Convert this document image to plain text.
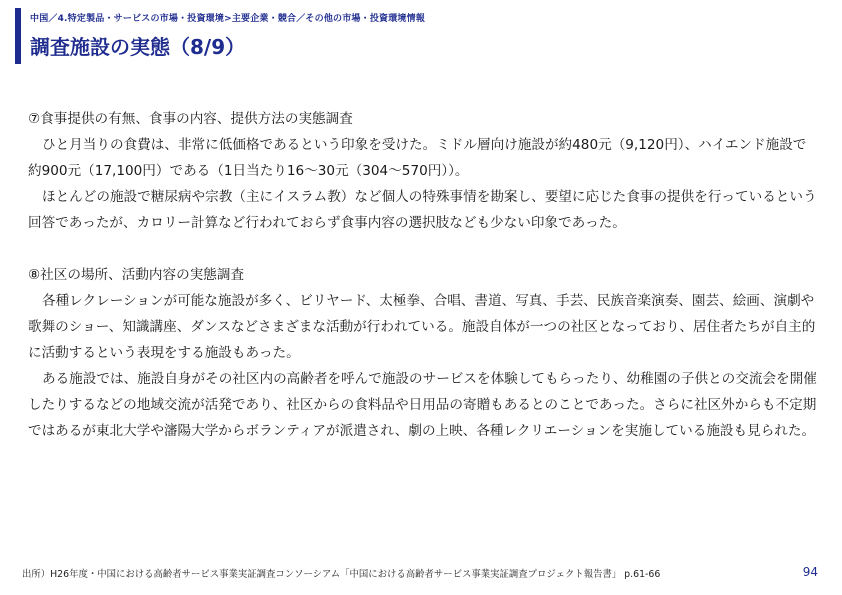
中国／4.特定製品・サービスの市場・投資環境>主要企業・競合／その他の市場・投資環境情報
調査施設の実態（8/9）

⑦食事提供の有無、食事の内容、提供方法の実態調査

ひと月当りの食費は、非常に低価格であるという印象を受けた。ミドル層向け施設が約480元（9,120円）、ハイエンド施設で約900元（17,100円）である（1日当たり16～30元（304～570円））。

ほとんどの施設で糖尿病や宗教（主にイスラム教）など個人の特殊事情を勘案し、要望に応じた食事の提供を行っているという回答であったが、カロリー計算など行われておらず食事内容の選択肢なども少ない印象であった。

⑧社区の場所、活動内容の実態調査

各種レクレーションが可能な施設が多く、ビリヤード、太極拳、合唱、書道、写真、手芸、民族音楽演奏、園芸、絵画、演劇や歌舞のショー、知識講座、ダンスなどさまざまな活動が行われている。施設自体が一つの社区となっており、居住者たちが自主的に活動するという表現をする施設もあった。

ある施設では、施設自身がその社区内の高齢者を呼んで施設のサービスを体験してもらったり、幼稚園の子供との交流会を開催したりするなどの地域交流が活発であり、社区からの食料品や日用品の寄贈もあるとのことであった。さらに社区外からも不定期ではあるが東北大学や瀋陽大学からボランティアが派遣され、劇の上映、各種レクリエーションを実施している施設も見られた。

出所）H26年度・中国における高齢者サービス事業実証調査コンソーシアム「中国における高齢者サービス事業実証調査プロジェクト報告書」 p.61-66	94
